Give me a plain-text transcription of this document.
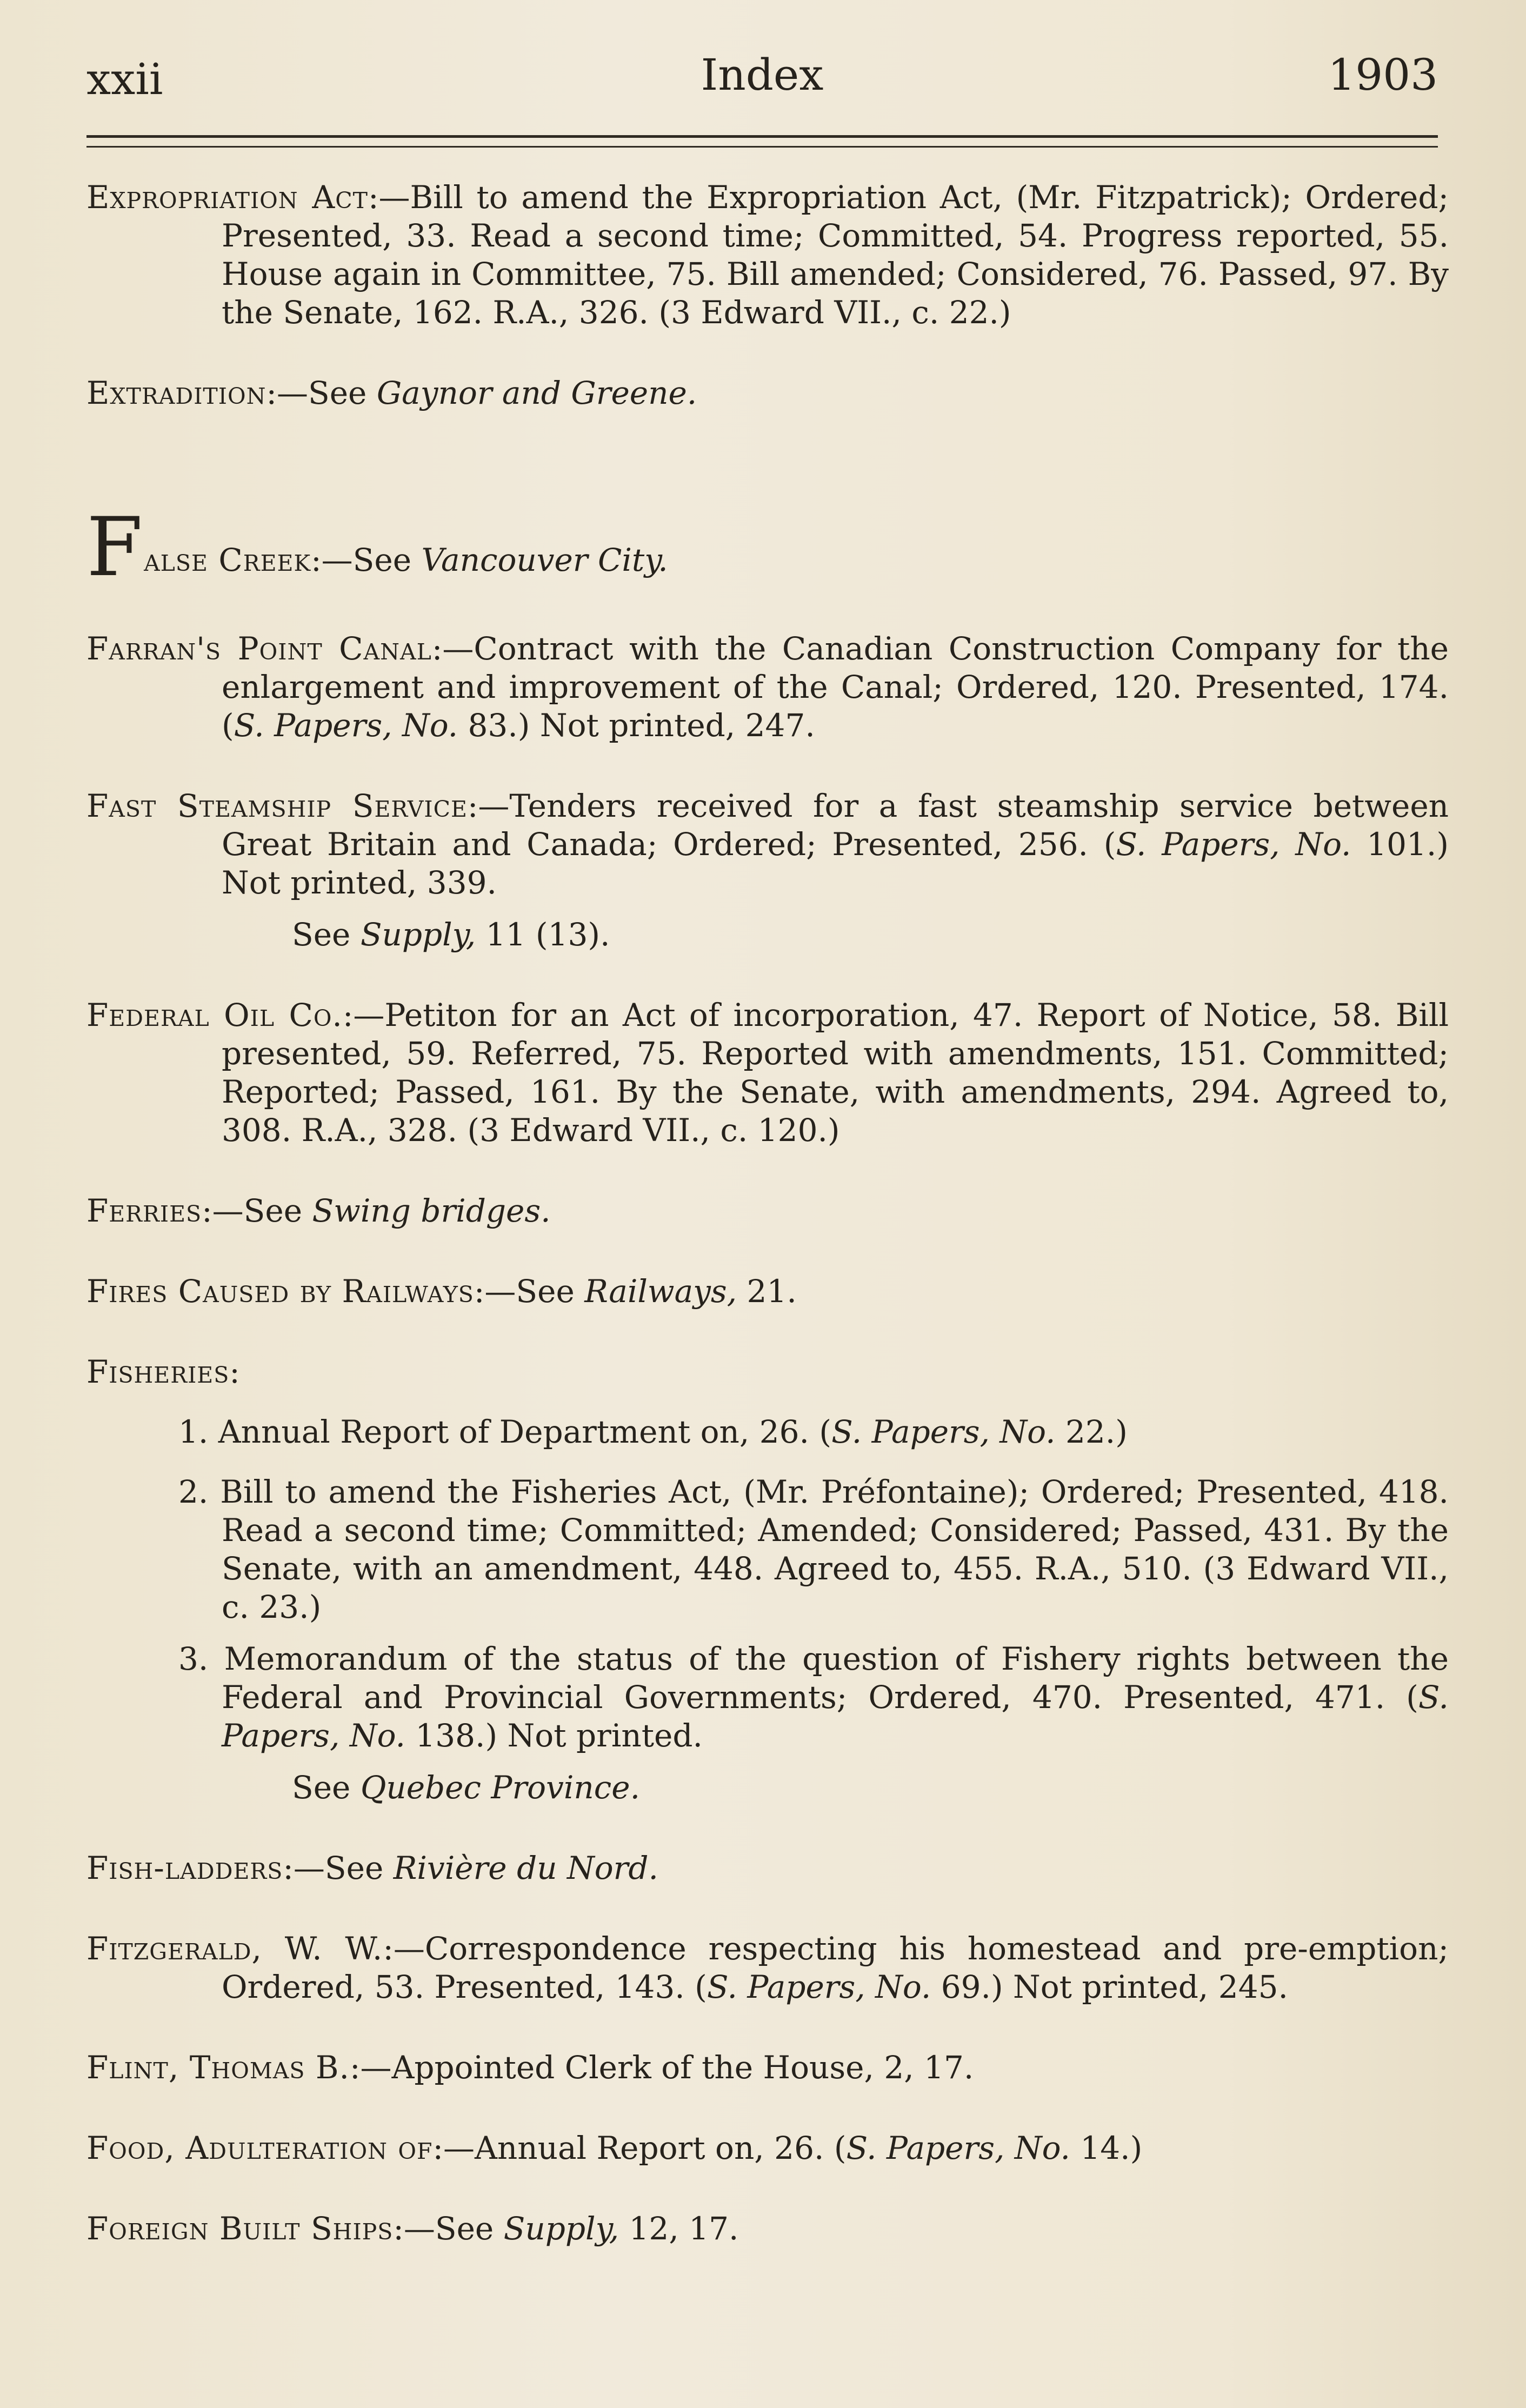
xxii	Index	1903

Expropriation Act:—Bill to amend the Expropriation Act, (Mr. Fitzpatrick); Ordered; Presented, 33. Read a second time; Committed, 54. Progress reported, 55. House again in Committee, 75. Bill amended; Considered, 76. Passed, 97. By the Senate, 162. R.A., 326. (3 Edward VII., c. 22.)

Extradition:—See Gaynor and Greene.

False Creek:—See Vancouver City.

Farran's Point Canal:—Contract with the Canadian Construction Company for the enlargement and improvement of the Canal; Ordered, 120. Presented, 174. (S. Papers, No. 83.) Not printed, 247.

Fast Steamship Service:—Tenders received for a fast steamship service between Great Britain and Canada; Ordered; Presented, 256. (S. Papers, No. 101.) Not printed, 339.

See Supply, 11 (13).

Federal Oil Co.:—Petiton for an Act of incorporation, 47. Report of Notice, 58. Bill presented, 59. Referred, 75. Reported with amendments, 151. Committed; Reported; Passed, 161. By the Senate, with amendments, 294. Agreed to, 308. R.A., 328. (3 Edward VII., c. 120.)

Ferries:—See Swing bridges.

Fires Caused by Railways:—See Railways, 21.

Fisheries:

1. Annual Report of Department on, 26. (S. Papers, No. 22.)

2. Bill to amend the Fisheries Act, (Mr. Préfontaine); Ordered; Presented, 418. Read a second time; Committed; Amended; Considered; Passed, 431. By the Senate, with an amendment, 448. Agreed to, 455. R.A., 510. (3 Edward VII., c. 23.)

3. Memorandum of the status of the question of Fishery rights between the Federal and Provincial Governments; Ordered, 470. Presented, 471. (S. Papers, No. 138.) Not printed.

See Quebec Province.

Fish-ladders:—See Rivière du Nord.

Fitzgerald, W. W.:—Correspondence respecting his homestead and pre-emption; Ordered, 53. Presented, 143. (S. Papers, No. 69.) Not printed, 245.

Flint, Thomas B.:—Appointed Clerk of the House, 2, 17.

Food, Adulteration of:—Annual Report on, 26. (S. Papers, No. 14.)

Foreign Built Ships:—See Supply, 12, 17.
